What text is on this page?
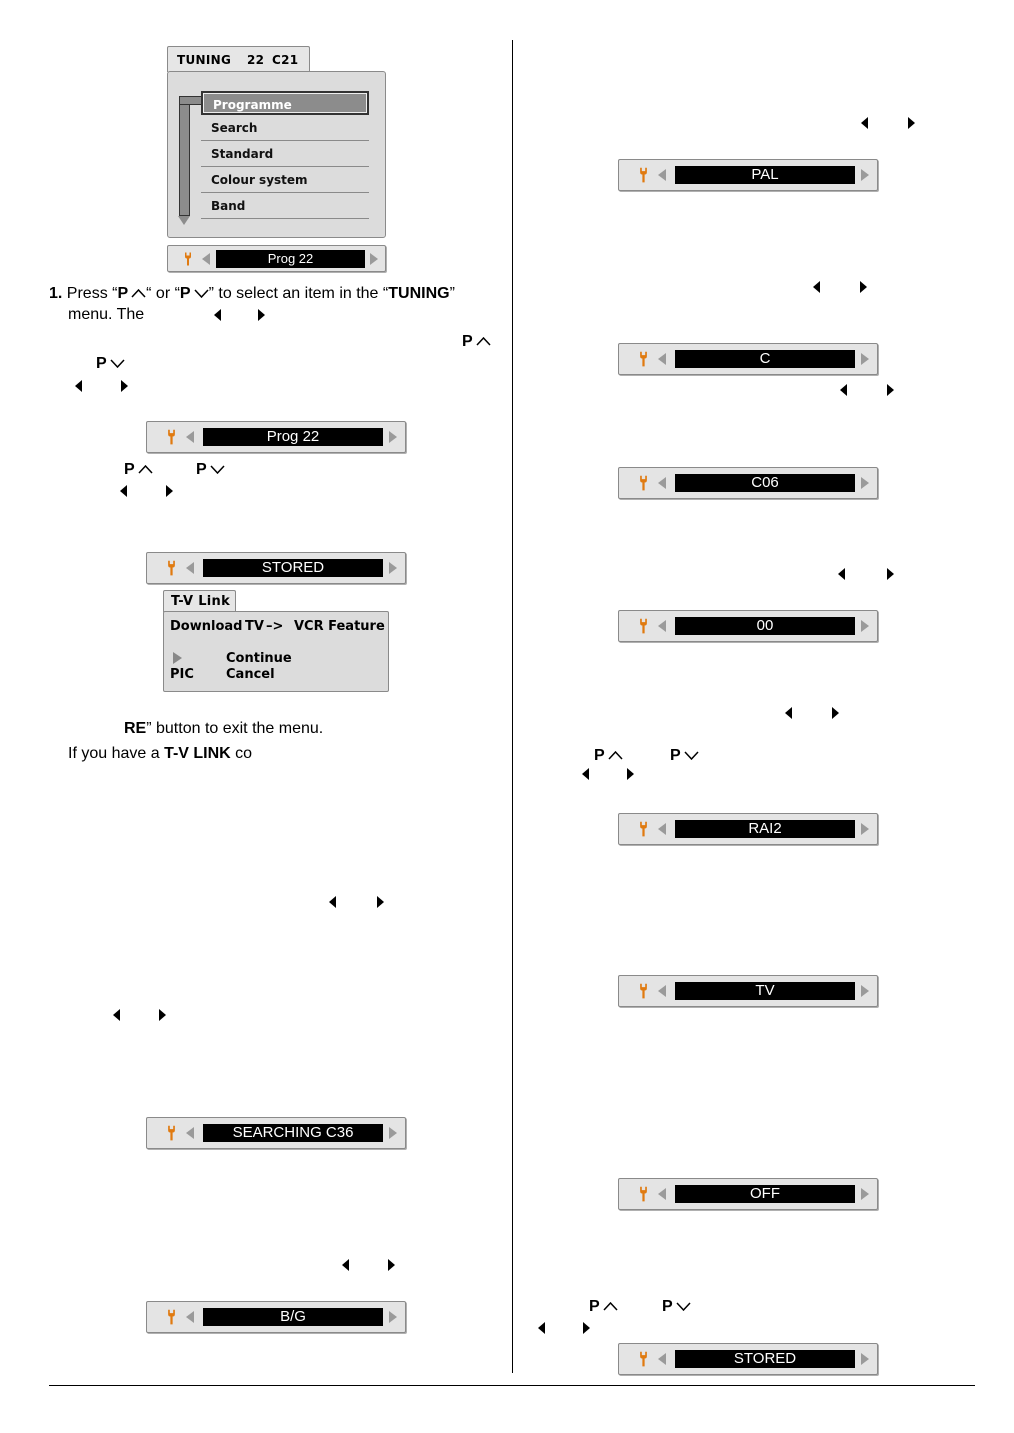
TUNING 22 C21
Programme
Search
Standard
Colour system
Band
Prog 22
1. Press “P “ or “P ” to select an item in the “TUNING”
menu. The
P
P
Prog 22
P	P
STORED
T-V Link
Download TV –> VCR Feature
Continue
PIC Cancel
RE” button to exit the menu.
If you have a T-V LINK co
SEARCHING C36
B/G
PAL
C
C06
00
P	P
RAI2
TV
OFF
P	P
STORED
